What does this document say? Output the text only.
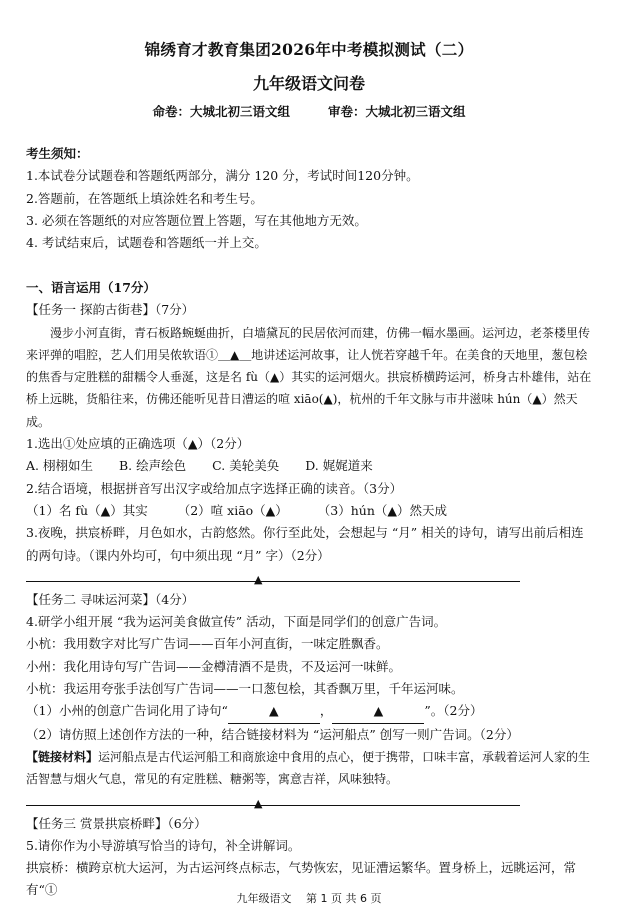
锦绣育才教育集团2026年中考模拟测试（二）
九年级语文问卷
命卷：大城北初三语文组	审卷：大城北初三语文组
考生须知：
1.本试卷分试题卷和答题纸两部分，满分 120 分，考试时间120分钟。
2.答题前，在答题纸上填涂姓名和考生号。
3. 必须在答题纸的对应答题位置上答题，写在其他地方无效。
4. 考试结束后，试题卷和答题纸一并上交。
一、语言运用（17分）
【任务一 探韵古街巷】（7分）
漫步小河直街，青石板路蜿蜒曲折，白墙黛瓦的民居依河而建，仿佛一幅水墨画。运河边，老茶楼里传来评弹的唱腔，艺人们用吴侬软语①＿▲＿地讲述运河故事，让人恍若穿越千年。在美食的天地里，葱包桧的焦香与定胜糕的甜糯令人垂涎，这是名 fù（▲）其实的运河烟火。拱宸桥横跨运河，桥身古朴雄伟，站在桥上远眺，货船往来，仿佛还能听见昔日漕运的喧 xiāo(▲)，杭州的千年文脉与市井滋味 hún（▲）然天成。
1.选出①处应填的正确选项（▲）（2分）
A. 栩栩如生 B. 绘声绘色 C. 美轮美奂 D. 娓娓道来
2.结合语境，根据拼音写出汉字或给加点字选择正确的读音。（3分）
（1）名 fù（▲）其实 （2）喧 xiāo（▲） （3）hún（▲）然天成
3.夜晚，拱宸桥畔，月色如水，古韵悠然。你行至此处，会想起与 “月” 相关的诗句，请写出前后相连的两句诗。（课内外均可，句中须出现 “月” 字）（2分）
▲
【任务二 寻味运河菜】（4分）
4.研学小组开展 “我为运河美食做宣传” 活动，下面是同学们的创意广告词。
小杭：我用数字对比写广告词——百年小河直街，一味定胜飘香。
小州：我化用诗句写广告词——金樽清酒不是贵，不及运河一味鲜。
小杭：我运用夸张手法创写广告词——一口葱包桧，其香飘万里，千年运河味。
（1）小州的创意广告词化用了诗句“	▲	，	▲	”。（2分）
（2）请仿照上述创作方法的一种，结合链接材料为 “运河船点” 创写一则广告词。（2分）
【链接材料】运河船点是古代运河船工和商旅途中食用的点心，便于携带，口味丰富，承载着运河人家的生活智慧与烟火气息，常见的有定胜糕、糖粥等，寓意吉祥，风味独特。
▲
【任务三 赏景拱宸桥畔】（6分）
5.请你作为小导游填写恰当的诗句，补全讲解词。
拱宸桥：横跨京杭大运河，为古运河终点标志，气势恢宏，见证漕运繁华。置身桥上，远眺运河，常有“①
九年级语文　 第 1 页 共 6 页
